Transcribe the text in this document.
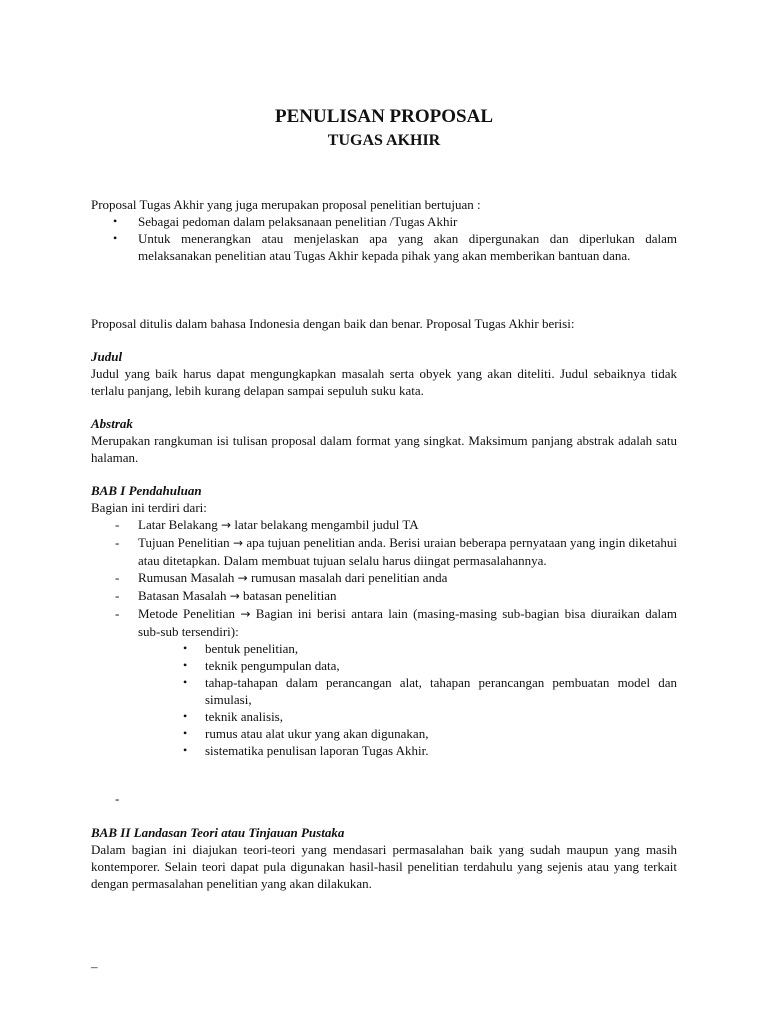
PENULISAN PROPOSAL
TUGAS AKHIR

Proposal Tugas Akhir yang juga merupakan proposal penelitian bertujuan :

• Sebagai pedoman dalam pelaksanaan penelitian /Tugas Akhir
• Untuk menerangkan atau menjelaskan apa yang akan dipergunakan dan diperlukan dalam melaksanakan penelitian atau Tugas Akhir kepada pihak yang akan memberikan bantuan dana.

Proposal ditulis dalam bahasa Indonesia dengan baik dan benar. Proposal Tugas Akhir berisi:

Judul

Judul yang baik harus dapat mengungkapkan masalah serta obyek yang akan diteliti. Judul sebaiknya tidak terlalu panjang, lebih kurang delapan sampai sepuluh suku kata.

Abstrak

Merupakan rangkuman isi tulisan proposal dalam format yang singkat. Maksimum panjang abstrak adalah satu halaman.

BAB I Pendahuluan

Bagian ini terdiri dari:

- Latar Belakang → latar belakang mengambil judul TA
- Tujuan Penelitian → apa tujuan penelitian anda. Berisi uraian beberapa pernyataan yang ingin diketahui atau ditetapkan. Dalam membuat tujuan selalu harus diingat permasalahannya.
- Rumusan Masalah → rumusan masalah dari penelitian anda
- Batasan Masalah → batasan penelitian
- Metode Penelitian → Bagian ini berisi antara lain (masing-masing sub-bagian bisa diuraikan dalam sub-sub tersendiri):
• bentuk penelitian,
• teknik pengumpulan data,
• tahap-tahapan dalam perancangan alat, tahapan perancangan pembuatan model dan simulasi,
• teknik analisis,
• rumus atau alat ukur yang akan digunakan,
• sistematika penulisan laporan Tugas Akhir.
-

BAB II Landasan Teori atau Tinjauan Pustaka

Dalam bagian ini diajukan teori-teori yang mendasari permasalahan baik yang sudah maupun yang masih kontemporer. Selain teori dapat pula digunakan hasil-hasil penelitian terdahulu yang sejenis atau yang terkait dengan permasalahan penelitian yang akan dilakukan.

–
